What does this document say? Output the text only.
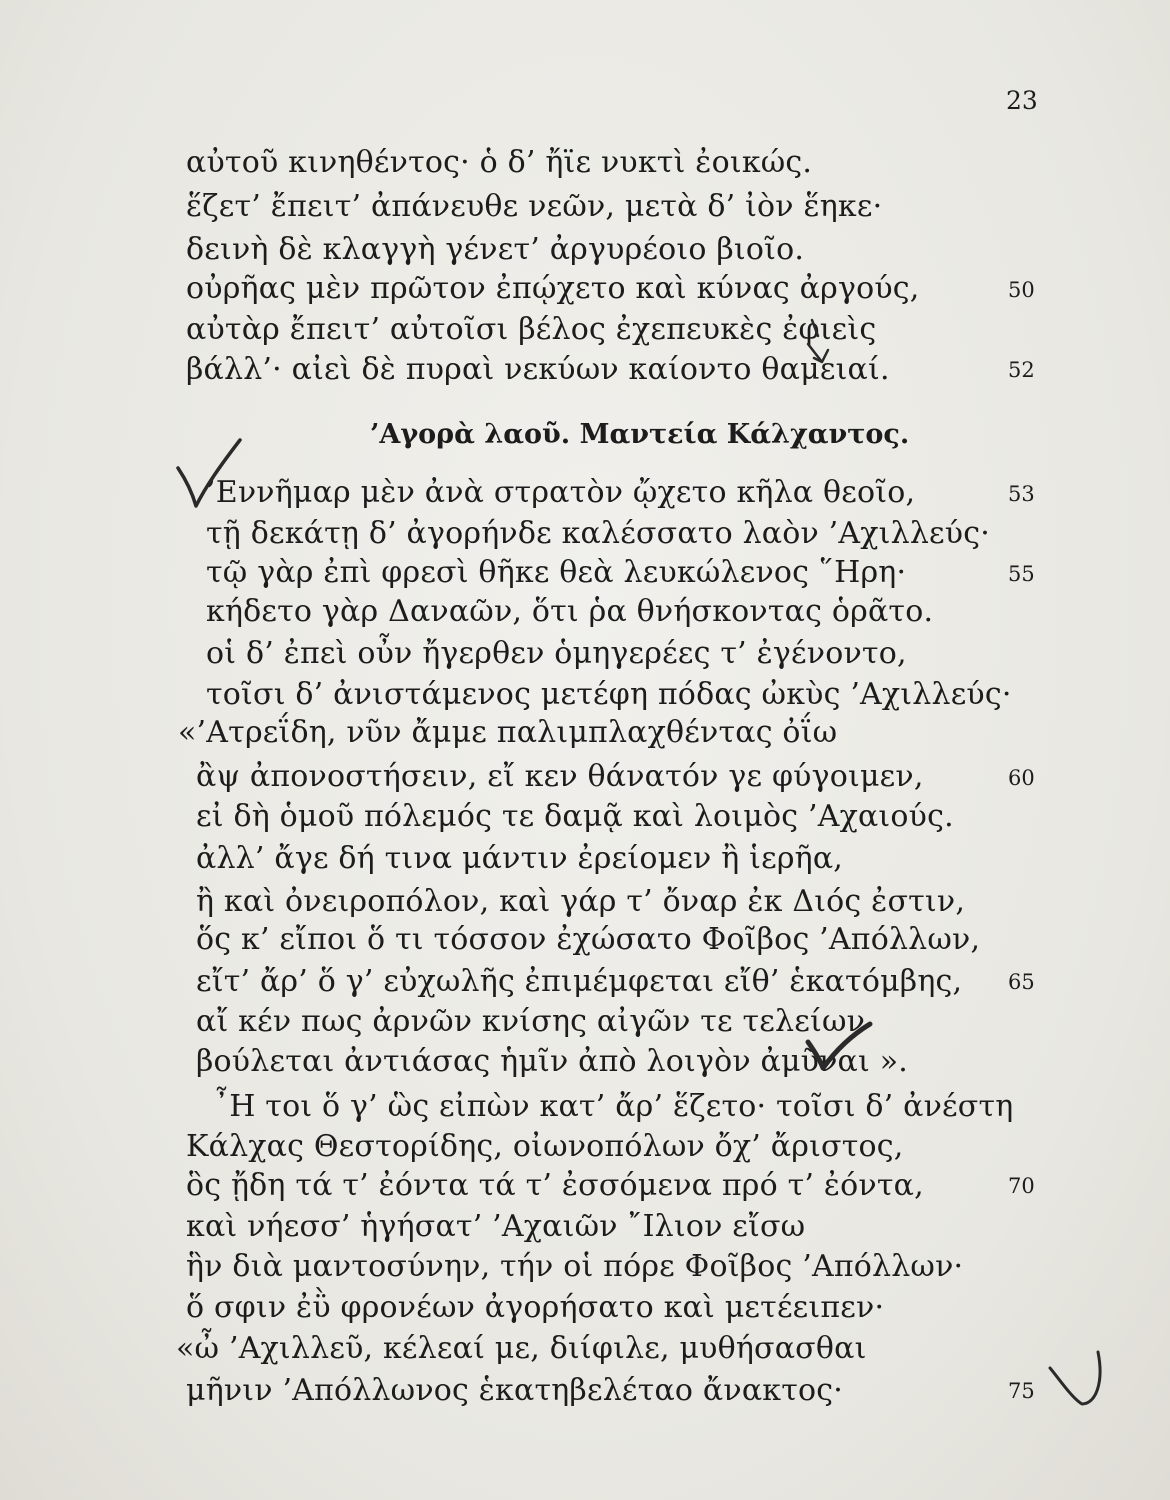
23
αὐτοῦ κινηθέντος· ὁ δ’ ἤϊε νυκτὶ ἐοικώς.
ἕζετ’ ἔπειτ’ ἀπάνευθε νεῶν, μετὰ δ’ ἰὸν ἕηκε·
δεινὴ δὲ κλαγγὴ γένετ’ ἀργυρέοιο βιοῖο.
οὐρῆας μὲν πρῶτον ἐπῴχετο καὶ κύνας ἀργούς,
αὐτὰρ ἔπειτ’ αὐτοῖσι βέλος ἐχεπευκὲς ἐφιεὶς
βάλλ’· αἰεὶ δὲ πυραὶ νεκύων καίοντο θαμειαί.
’Αγορὰ λαοῦ. Μαντεία Κάλχαντος.
’Εννῆμαρ μὲν ἀνὰ στρατὸν ᾤχετο κῆλα θεοῖο,
τῇ δεκάτῃ δ’ ἀγορήνδε καλέσσατο λαὸν ’Αχιλλεύς·
τῷ γὰρ ἐπὶ φρεσὶ θῆκε θεὰ λευκώλενος ῞Ηρη·
κήδετο γὰρ Δαναῶν, ὅτι ῥα θνήσκοντας ὁρᾶτο.
οἱ δ’ ἐπεὶ οὖν ἤγερθεν ὁμηγερέες τ’ ἐγένοντο,
τοῖσι δ’ ἀνιστάμενος μετέφη πόδας ὠκὺς ’Αχιλλεύς·
«’Ατρεΐδη, νῦν ἄμμε παλιμπλαχθέντας ὀΐω
ἂψ ἀπονοστήσειν, εἴ κεν θάνατόν γε φύγοιμεν,
εἰ δὴ ὁμοῦ πόλεμός τε δαμᾷ καὶ λοιμὸς ’Αχαιούς.
ἀλλ’ ἄγε δή τινα μάντιν ἐρείομεν ἢ ἱερῆα,
ἢ καὶ ὀνειροπόλον, καὶ γάρ τ’ ὄναρ ἐκ Διός ἐστιν,
ὅς κ’ εἴποι ὅ τι τόσσον ἐχώσατο Φοῖβος ’Απόλλων,
εἴτ’ ἄρ’ ὅ γ’ εὐχωλῆς ἐπιμέμφεται εἴθ’ ἑκατόμβης,
αἴ κέν πως ἀρνῶν κνίσης αἰγῶν τε τελείων
βούλεται ἀντιάσας ἡμῖν ἀπὸ λοιγὸν ἀμῦναι ».
῏Η τοι ὅ γ’ ὣς εἰπὼν κατ’ ἄρ’ ἕζετο· τοῖσι δ’ ἀνέστη
Κάλχας Θεστορίδης, οἰωνοπόλων ὄχ’ ἄριστος,
ὃς ᾔδη τά τ’ ἐόντα τά τ’ ἐσσόμενα πρό τ’ ἐόντα,
καὶ νήεσσ’ ἡγήσατ’ ’Αχαιῶν ῎Ιλιον εἴσω
ἣν διὰ μαντοσύνην, τήν οἱ πόρε Φοῖβος ’Απόλλων·
ὅ σφιν ἐῢ φρονέων ἀγορήσατο καὶ μετέειπεν·
«ὦ ’Αχιλλεῦ, κέλεαί με, διίφιλε, μυθήσασθαι
μῆνιν ’Απόλλωνος ἑκατηβελέταο ἄνακτος·
50
52
53
55
60
65
70
75
